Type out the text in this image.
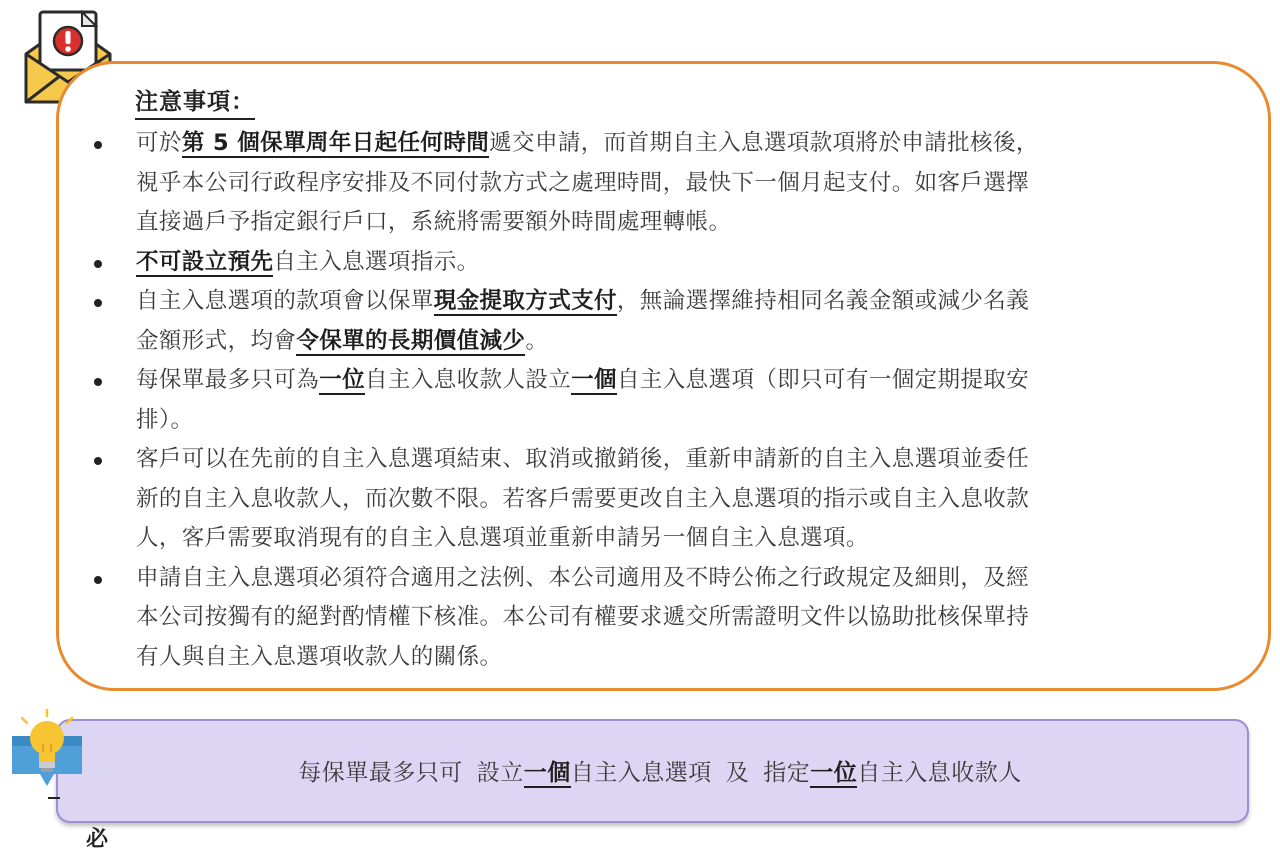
注意事項：
可於第 5 個保單周年日起任何時間遞交申請，而首期自主入息選項款項將於申請批核後，
視乎本公司行政程序安排及不同付款方式之處理時間，最快下一個月起支付。如客戶選擇
直接過戶予指定銀行戶口，系統將需要額外時間處理轉帳。
不可設立預先自主入息選項指示。
自主入息選項的款項會以保單現金提取方式支付，無論選擇維持相同名義金額或減少名義
金額形式，均會令保單的長期價值減少。
每保單最多只可為一位自主入息收款人設立一個自主入息選項（即只可有一個定期提取安
排）。
客戶可以在先前的自主入息選項結束、取消或撤銷後，重新申請新的自主入息選項並委任
新的自主入息收款人，而次數不限。若客戶需要更改自主入息選項的指示或自主入息收款
人，客戶需要取消現有的自主入息選項並重新申請另一個自主入息選項。
申請自主入息選項必須符合適用之法例、本公司適用及不時公佈之行政規定及細則，及經
本公司按獨有的絕對酌情權下核准。本公司有權要求遞交所需證明文件以協助批核保單持
有人與自主入息選項收款人的關係。
每保單最多只可 設立一個自主入息選項 及 指定一位自主入息收款人
必
